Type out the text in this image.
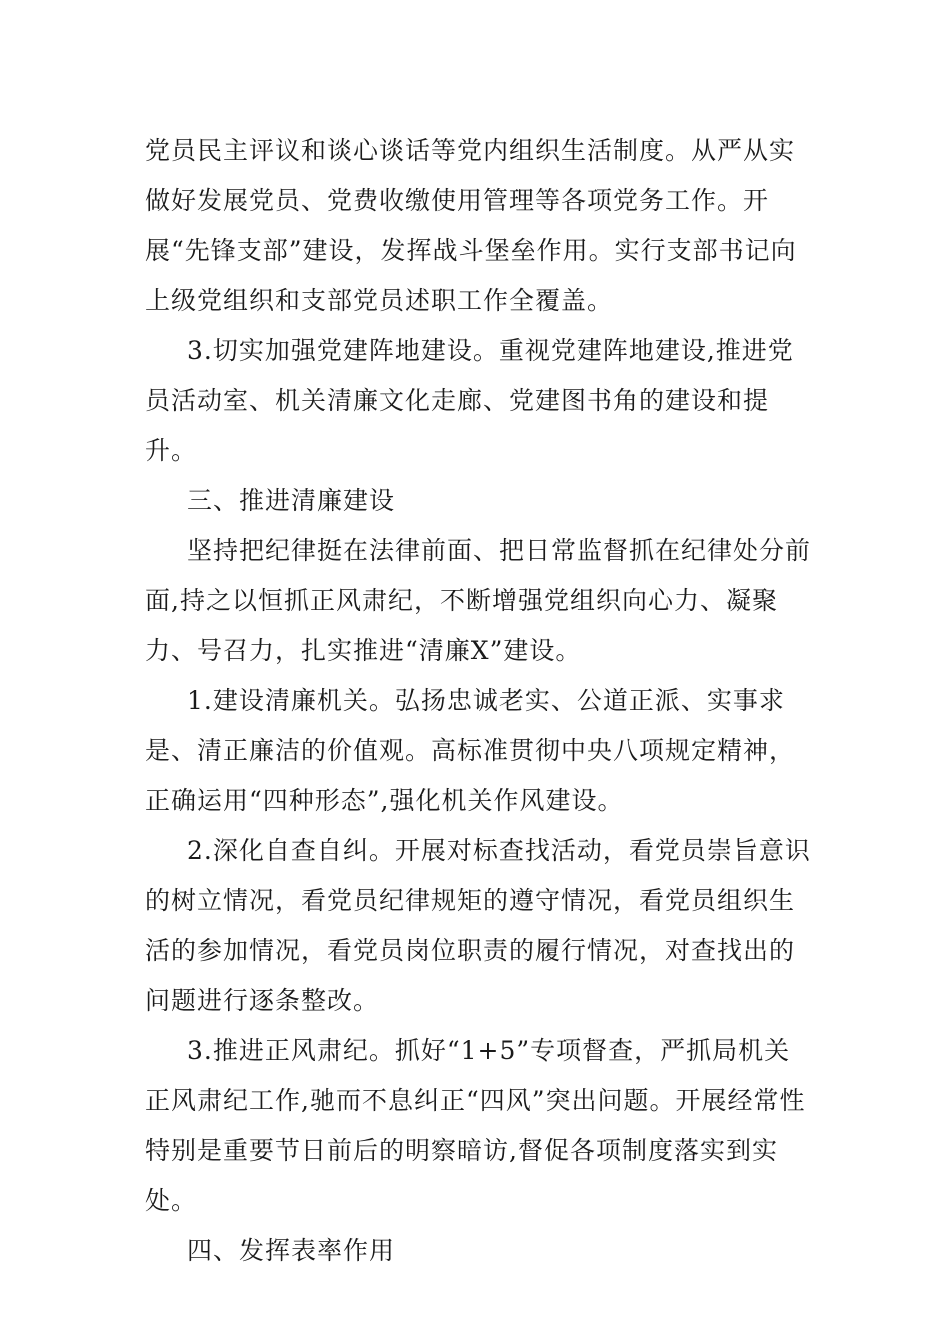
党员民主评议和谈心谈话等党内组织生活制度。从严从实做好发展党员、党费收缴使用管理等各项党务工作。开展“先锋支部”建设，发挥战斗堡垒作用。实行支部书记向上级党组织和支部党员述职工作全覆盖。

3.切实加强党建阵地建设。重视党建阵地建设,推进党员活动室、机关清廉文化走廊、党建图书角的建设和提升。

三、推进清廉建设

坚持把纪律挺在法律前面、把日常监督抓在纪律处分前面,持之以恒抓正风肃纪，不断增强党组织向心力、凝聚力、号召力，扎实推进“清廉X”建设。

1.建设清廉机关。弘扬忠诚老实、公道正派、实事求是、清正廉洁的价值观。高标准贯彻中央八项规定精神，正确运用“四种形态”,强化机关作风建设。

2.深化自查自纠。开展对标查找活动，看党员崇旨意识的树立情况，看党员纪律规矩的遵守情况，看党员组织生活的参加情况，看党员岗位职责的履行情况，对查找出的问题进行逐条整改。

3.推进正风肃纪。抓好“1+5”专项督查，严抓局机关正风肃纪工作,驰而不息纠正“四风”突出问题。开展经常性特别是重要节日前后的明察暗访,督促各项制度落实到实处。

四、发挥表率作用
